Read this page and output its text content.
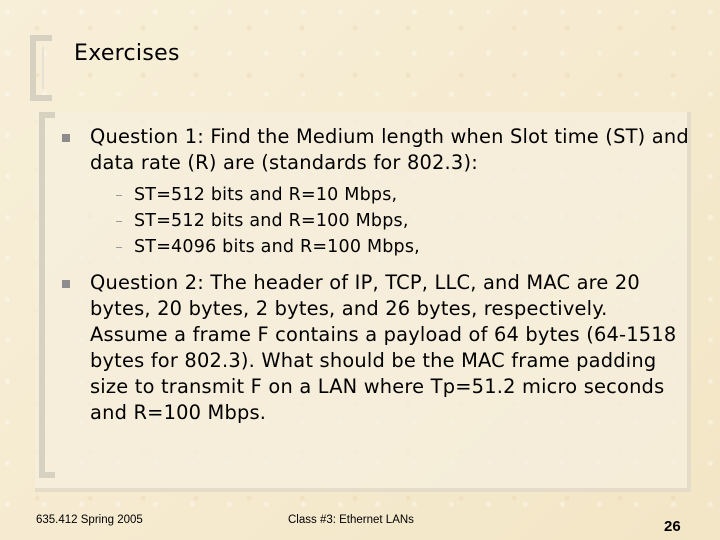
Exercises
Question 1: Find the Medium length when Slot time (ST) and data rate (R) are (standards for 802.3):
ST=512 bits and R=10 Mbps,
ST=512 bits and R=100 Mbps,
ST=4096 bits and R=100 Mbps,
Question 2: The header of IP, TCP, LLC, and MAC are 20 bytes, 20 bytes, 2 bytes, and 26 bytes, respectively. Assume a frame F contains a payload of 64 bytes (64-1518 bytes for 802.3). What should be the MAC frame padding size to transmit F on a LAN where Tp=51.2 micro seconds and R=100 Mbps.
635.412 Spring 2005	Class #3: Ethernet LANs	26
